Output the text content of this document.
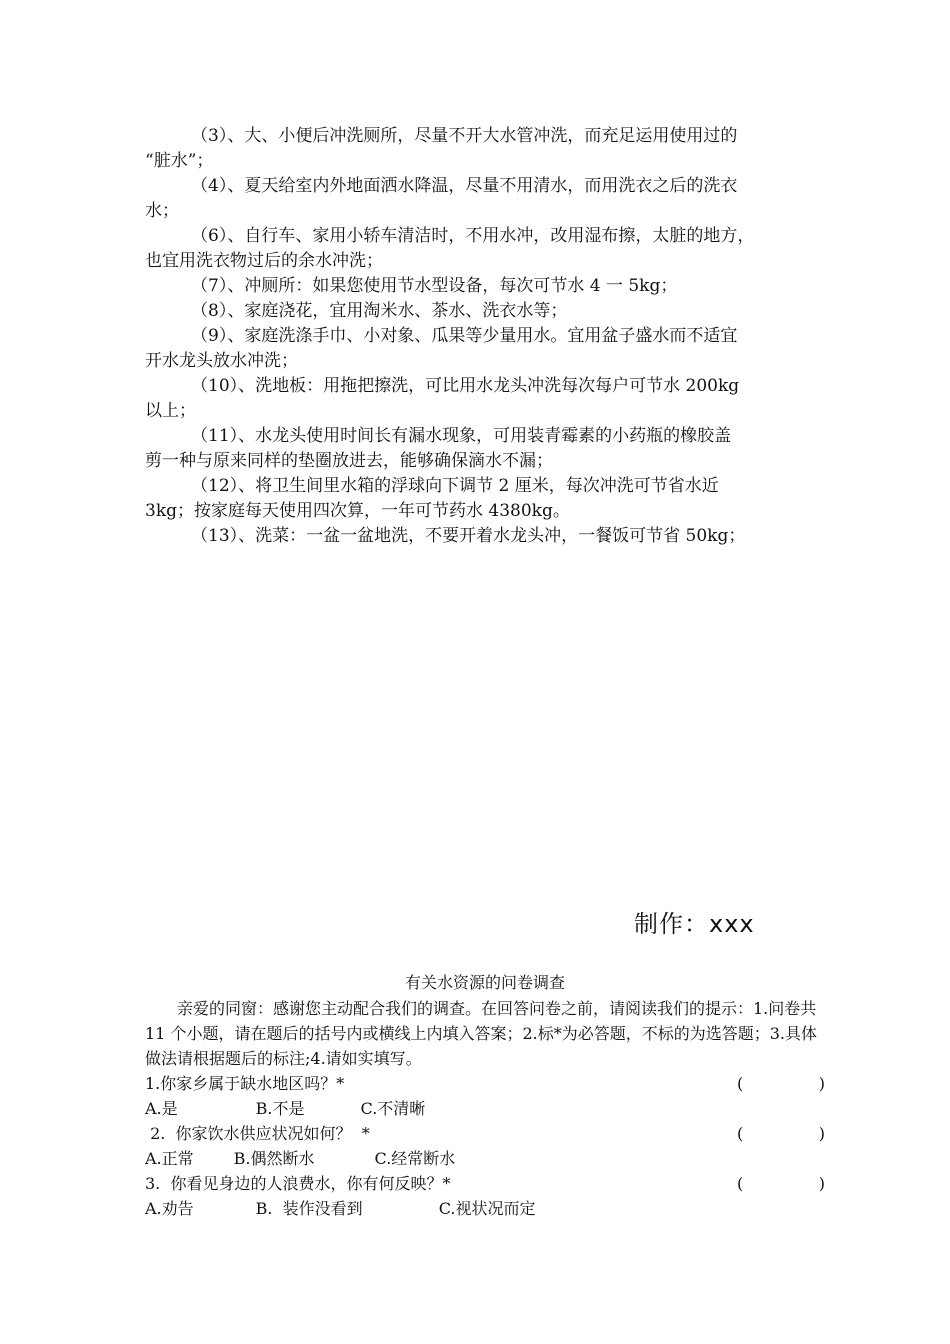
（3）、大、小便后冲洗厕所，尽量不开大水管冲洗，而充足运用使用过的
“脏水”；

（4）、夏天给室内外地面洒水降温，尽量不用清水，而用洗衣之后的洗衣
水；

（6）、自行车、家用小轿车清洁时，不用水冲，改用湿布擦，太脏的地方，
也宜用洗衣物过后的余水冲洗；

（7）、冲厕所：如果您使用节水型设备，每次可节水 4 一 5kg；

（8）、家庭浇花，宜用淘米水、茶水、洗衣水等；

（9）、家庭洗涤手巾、小对象、瓜果等少量用水。宜用盆子盛水而不适宜
开水龙头放水冲洗；

（10）、洗地板：用拖把擦洗，可比用水龙头冲洗每次每户可节水 200kg
以上；

（11）、水龙头使用时间长有漏水现象，可用装青霉素的小药瓶的橡胶盖
剪一种与原来同样的垫圈放进去，能够确保滴水不漏；

（12）、将卫生间里水箱的浮球向下调节 2 厘米，每次冲洗可节省水近
3kg；按家庭每天使用四次算，一年可节药水 4380kg。

（13）、洗菜：一盆一盆地洗，不要开着水龙头冲，一餐饭可节省 50kg；

制作：xxx

有关水资源的问卷调查

亲爱的同窗：感谢您主动配合我们的调查。在回答问卷之前，请阅读我们的提示：1.问卷共 11 个小题，请在题后的括号内或横线上内填入答案；2.标*为必答题，不标的为选答题；3.具体做法请根据题后的标注;4.请如实填写。

1.你家乡属于缺水地区吗？*	(	)
A.是	B.不是	C.不清晰
2.  你家饮水供应状况如何？  *	(	)
A.正常	B.偶然断水	C.经常断水
3.  你看见身边的人浪费水，你有何反映？*	(	)
A.劝告	B.  装作没看到	C.视状况而定
